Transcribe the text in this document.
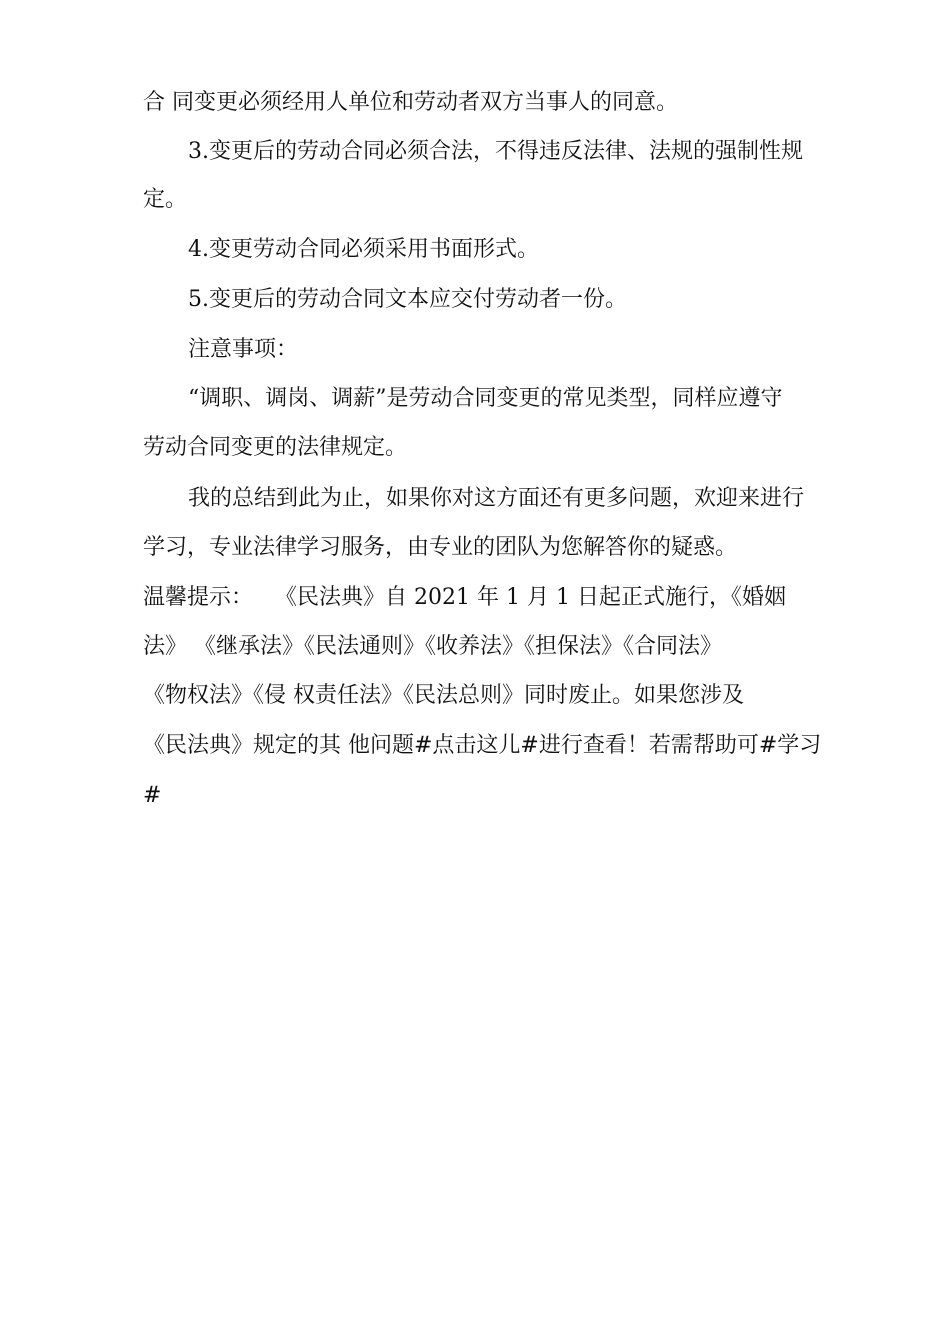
合 同变更必须经用人单位和劳动者双方当事人的同意。
3.变更后的劳动合同必须合法，不得违反法律、法规的强制性规
定。
4.变更劳动合同必须采用书面形式。
5.变更后的劳动合同文本应交付劳动者一份。
注意事项：
“调职、调岗、调薪”是劳动合同变更的常见类型，同样应遵守
劳动合同变更的法律规定。
我的总结到此为止，如果你对这方面还有更多问题，欢迎来进行
学习，专业法律学习服务，由专业的团队为您解答你的疑惑。
温馨提示：　　《民法典》自 2021 年 1 月 1 日起正式施行，《婚姻
法》 《继承法》《民法通则》《收养法》《担保法》《合同法》
《物权法》《侵 权责任法》《民法总则》同时废止。如果您涉及
《民法典》规定的其 他问题#点击这儿#进行查看！若需帮助可#学习
#
